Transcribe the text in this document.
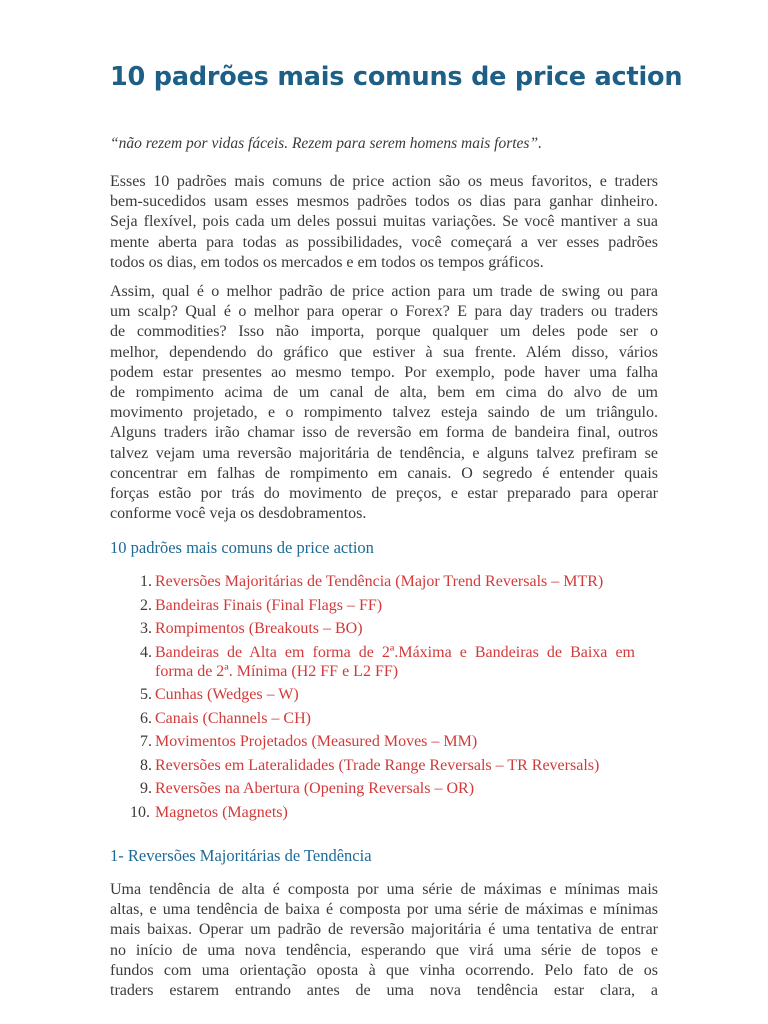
10 padrões mais comuns de price action

“não rezem por vidas fáceis. Rezem para serem homens mais fortes”.

Esses 10 padrões mais comuns de price action são os meus favoritos, e traders
bem-sucedidos usam esses mesmos padrões todos os dias para ganhar dinheiro.
Seja flexível, pois cada um deles possui muitas variações. Se você mantiver a sua
mente aberta para todas as possibilidades, você começará a ver esses padrões
todos os dias, em todos os mercados e em todos os tempos gráficos.
Assim, qual é o melhor padrão de price action para um trade de swing ou para
um scalp? Qual é o melhor para operar o Forex? E para day traders ou traders
de commodities? Isso não importa, porque qualquer um deles pode ser o
melhor, dependendo do gráfico que estiver à sua frente. Além disso, vários
podem estar presentes ao mesmo tempo. Por exemplo, pode haver uma falha
de rompimento acima de um canal de alta, bem em cima do alvo de um
movimento projetado, e o rompimento talvez esteja saindo de um triângulo.
Alguns traders irão chamar isso de reversão em forma de bandeira final, outros
talvez vejam uma reversão majoritária de tendência, e alguns talvez prefiram se
concentrar em falhas de rompimento em canais. O segredo é entender quais
forças estão por trás do movimento de preços, e estar preparado para operar
conforme você veja os desdobramentos.
10 padrões mais comuns de price action
1. Reversões Majoritárias de Tendência (Major Trend Reversals – MTR)
2. Bandeiras Finais (Final Flags – FF)
3. Rompimentos (Breakouts – BO)
4. Bandeiras de Alta em forma de 2ª.Máxima e Bandeiras de Baixa em
forma de 2ª. Mínima (H2 FF e L2 FF)
5. Cunhas (Wedges – W)
6. Canais (Channels – CH)
7. Movimentos Projetados (Measured Moves – MM)
8. Reversões em Lateralidades (Trade Range Reversals – TR Reversals)
9. Reversões na Abertura (Opening Reversals – OR)
10. Magnetos (Magnets)
1- Reversões Majoritárias de Tendência
Uma tendência de alta é composta por uma série de máximas e mínimas mais
altas, e uma tendência de baixa é composta por uma série de máximas e mínimas
mais baixas. Operar um padrão de reversão majoritária é uma tentativa de entrar
no início de uma nova tendência, esperando que virá uma série de topos e
fundos com uma orientação oposta à que vinha ocorrendo. Pelo fato de os
traders estarem entrando antes de uma nova tendência estar clara, a
